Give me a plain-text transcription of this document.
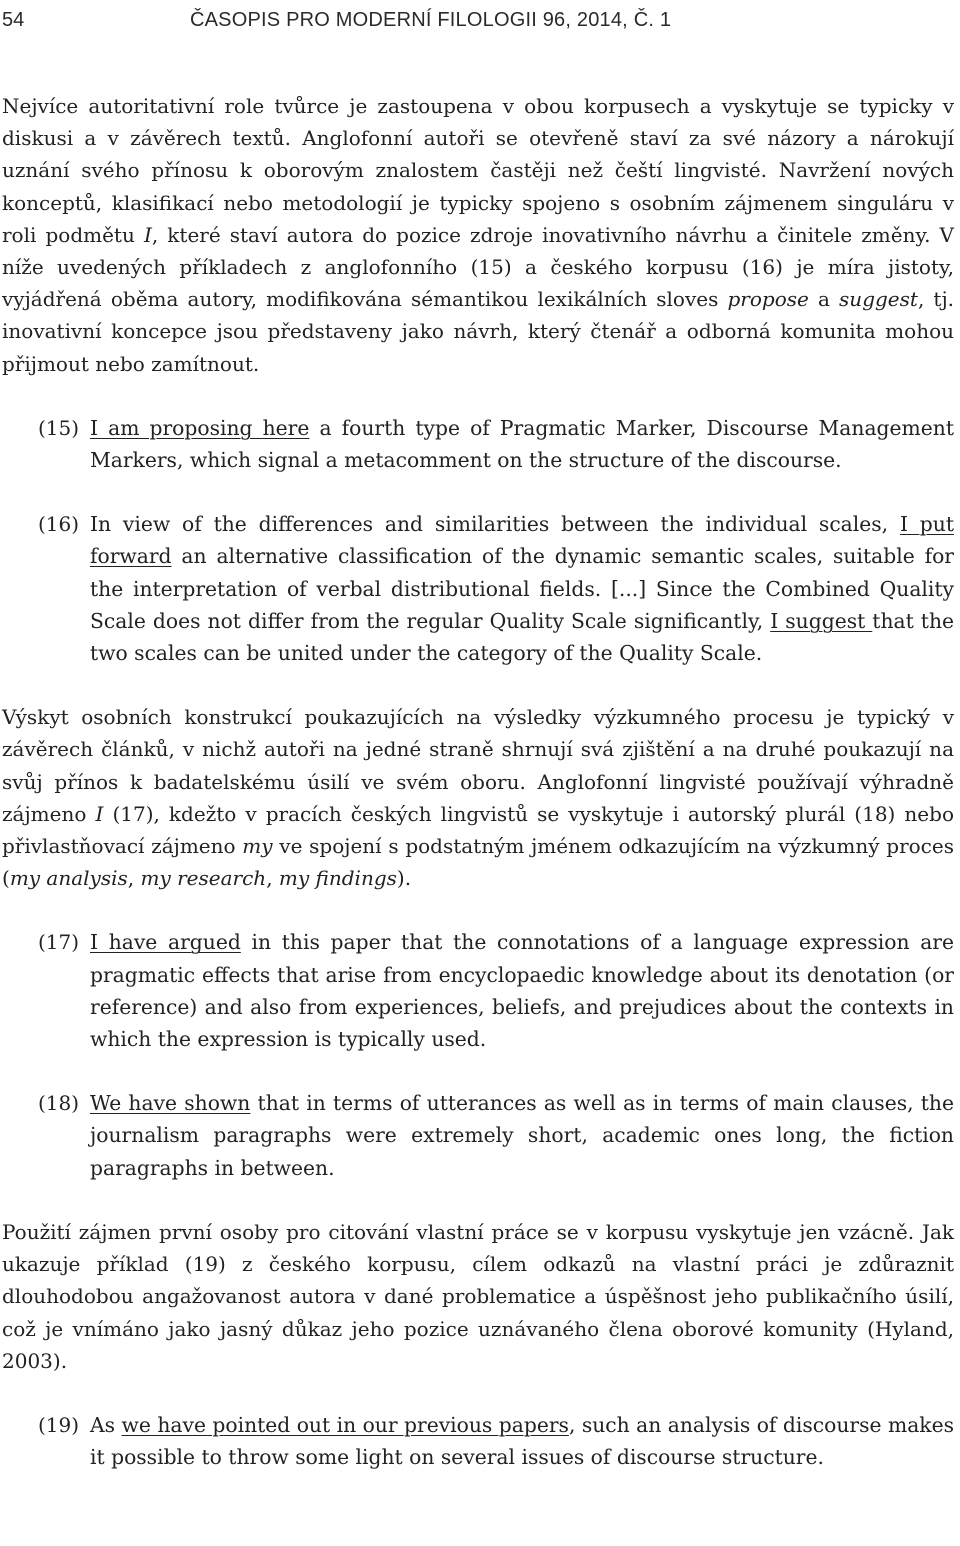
54	ČASOPIS PRO MODERNÍ FILOLOGII 96, 2014, Č. 1

Nejvíce autoritativní role tvůrce je zastoupena v obou korpusech a vyskytuje se typicky v diskusi a v závěrech textů. Anglofonní autoři se otevřeně staví za své názory a nárokují uznání svého přínosu k oborovým znalostem častěji než čeští lingvisté. Navržení nových konceptů, klasifikací nebo metodologií je typicky spojeno s osobním zájmenem singuláru v roli podmětu I, které staví autora do pozice zdroje inovativního návrhu a činitele změny. V níže uvedených příkladech z anglofonního (15) a českého korpusu (16) je míra jistoty, vyjádřená oběma autory, modifikována sémantikou lexikálních sloves propose a suggest, tj. inovativní koncepce jsou představeny jako návrh, který čtenář a odborná komunita mohou přijmout nebo zamítnout.

(15) I am proposing here a fourth type of Pragmatic Marker, Discourse Management Markers, which signal a metacomment on the structure of the discourse.

(16) In view of the differences and similarities between the individual scales, I put forward an alternative classification of the dynamic semantic scales, suitable for the interpretation of verbal distributional fields. [...] Since the Combined Quality Scale does not differ from the regular Quality Scale significantly, I suggest that the two scales can be united under the category of the Quality Scale.

Výskyt osobních konstrukcí poukazujících na výsledky výzkumného procesu je typický v závěrech článků, v nichž autoři na jedné straně shrnují svá zjištění a na druhé poukazují na svůj přínos k badatelskému úsilí ve svém oboru. Anglofonní lingvisté používají výhradně zájmeno I (17), kdežto v pracích českých lingvistů se vyskytuje i autorský plurál (18) nebo přivlastňovací zájmeno my ve spojení s podstatným jménem odkazujícím na výzkumný proces (my analysis, my research, my findings).

(17) I have argued in this paper that the connotations of a language expression are pragmatic effects that arise from encyclopaedic knowledge about its denotation (or reference) and also from experiences, beliefs, and prejudices about the contexts in which the expression is typically used.

(18) We have shown that in terms of utterances as well as in terms of main clauses, the journalism paragraphs were extremely short, academic ones long, the fiction paragraphs in between.

Použití zájmen první osoby pro citování vlastní práce se v korpusu vyskytuje jen vzácně. Jak ukazuje příklad (19) z českého korpusu, cílem odkazů na vlastní práci je zdůraznit dlouhodobou angažovanost autora v dané problematice a úspěšnost jeho publikačního úsilí, což je vnímáno jako jasný důkaz jeho pozice uznávaného člena oborové komunity (Hyland, 2003).

(19) As we have pointed out in our previous papers, such an analysis of discourse makes it possible to throw some light on several issues of discourse structure.
